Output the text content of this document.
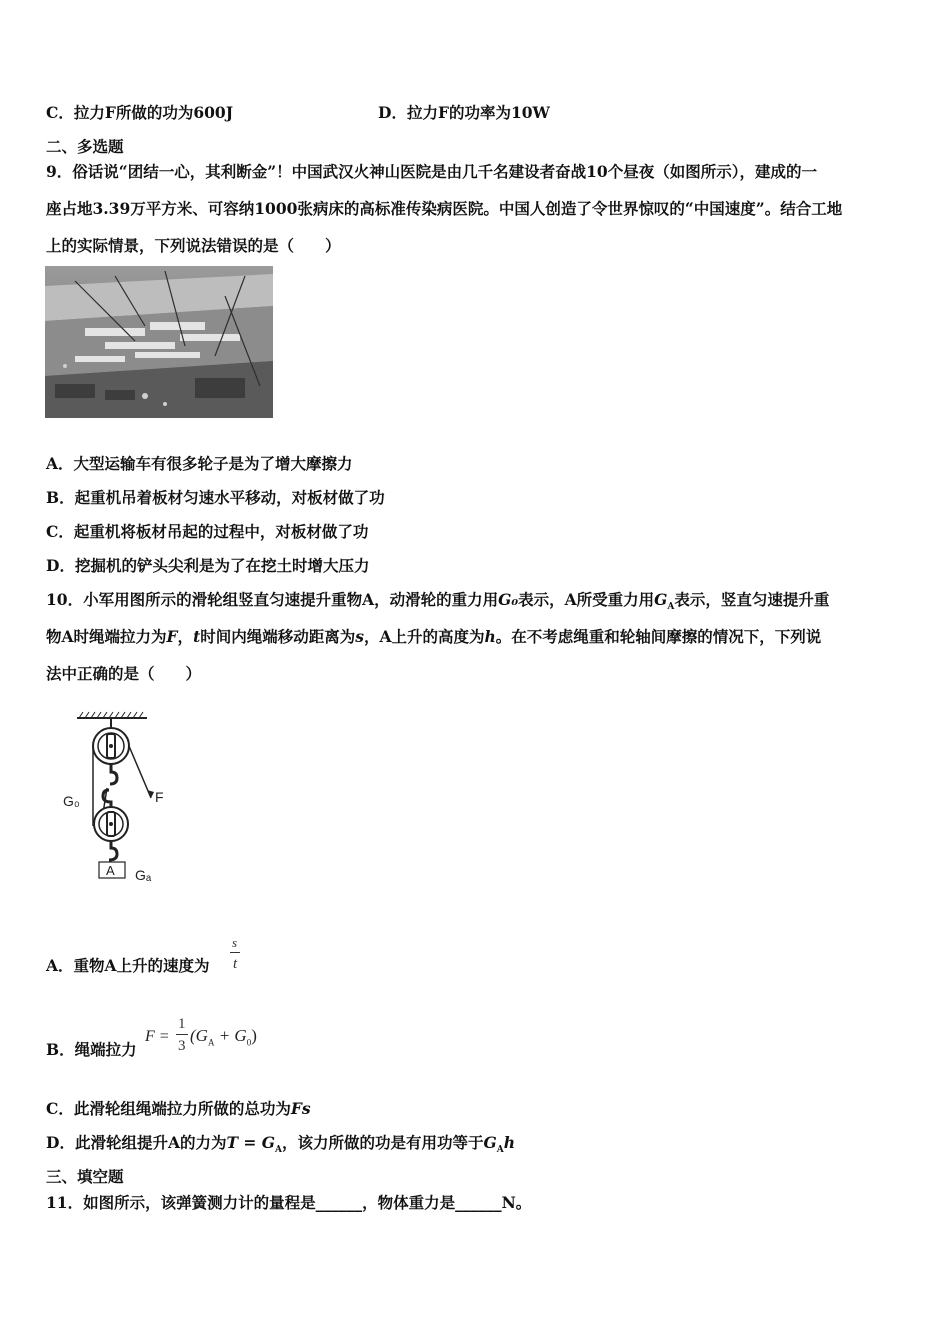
C．拉力F所做的功为600J	D．拉力F的功率为10W
二、多选题
9．俗话说“团结一心，其利断金”！中国武汉火神山医院是由几千名建设者奋战10个昼夜（如图所示），建成的一
座占地3.39万平方米、可容纳1000张病床的高标准传染病医院。中国人创造了令世界惊叹的“中国速度”。结合工地
上的实际情景，下列说法错误的是（　　）
A．大型运输车有很多轮子是为了增大摩擦力
B．起重机吊着板材匀速水平移动，对板材做了功
C．起重机将板材吊起的过程中，对板材做了功
D．挖掘机的铲头尖利是为了在挖土时增大压力
10．小军用图所示的滑轮组竖直匀速提升重物A，动滑轮的重力用G₀表示，A所受重力用$G_A$表示，竖直匀速提升重
物A时绳端拉力为F，t时间内绳端移动距离为s，A上升的高度为h。在不考虑绳重和轮轴间摩擦的情况下，下列说
法中正确的是（　　）
A
G₀	F
Gₐ
A．重物A上升的速度为
s
t
B．绳端拉力
F =
1
3
$(G_A + G_0)$
C．此滑轮组绳端拉力所做的总功为Fs
D．此滑轮组提升A的力为$T = G_A$，该力所做的功是有用功等于$G_Ah$
三、填空题
11．如图所示，该弹簧测力计的量程是______，物体重力是______N。
